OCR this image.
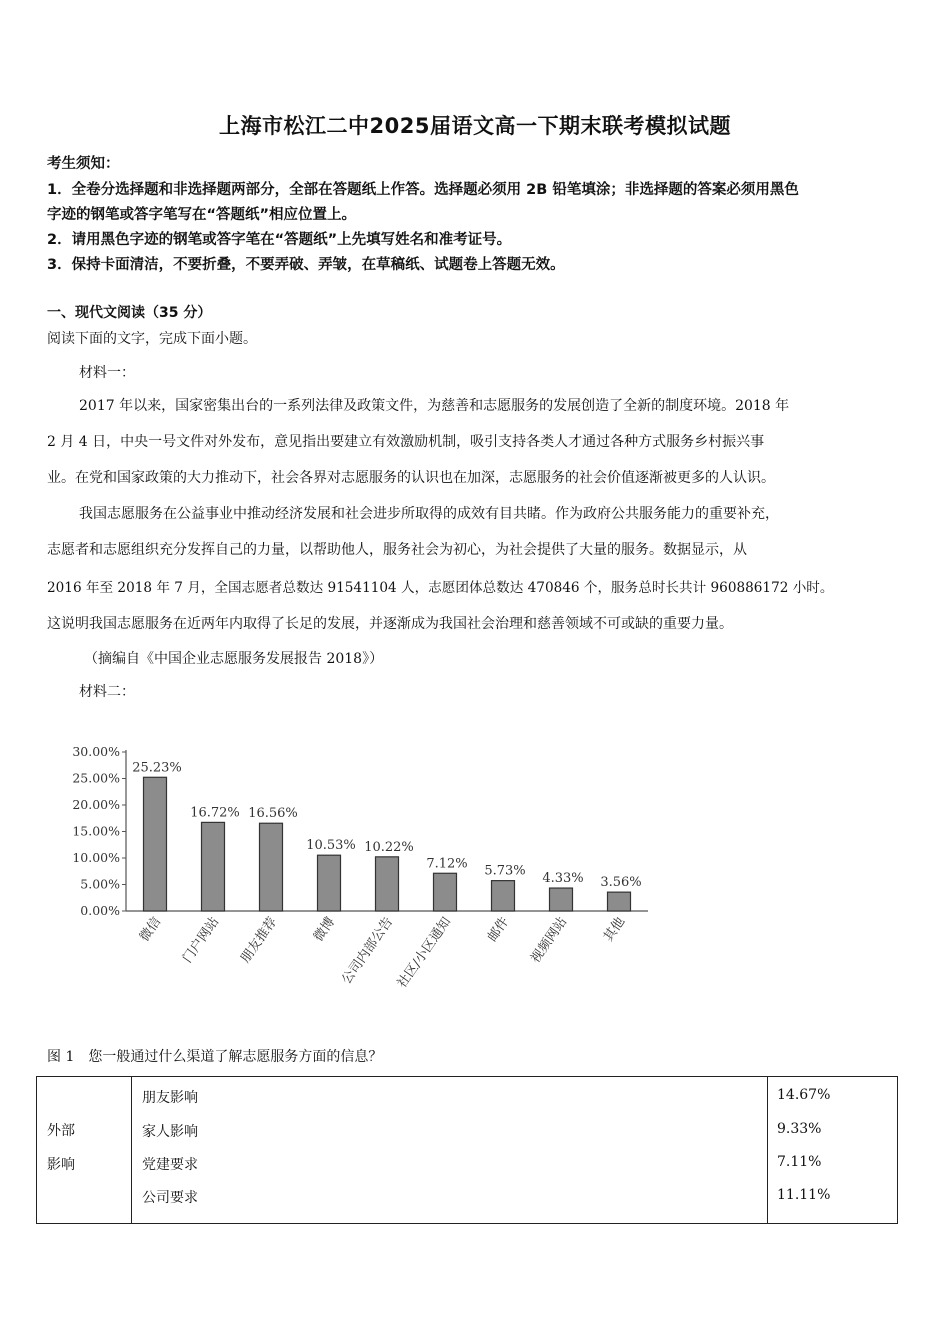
上海市松江二中2025届语文高一下期末联考模拟试题
考生须知：
1．全卷分选择题和非选择题两部分，全部在答题纸上作答。选择题必须用 2B 铅笔填涂；非选择题的答案必须用黑色
字迹的钢笔或答字笔写在“答题纸”相应位置上。
2．请用黑色字迹的钢笔或答字笔在“答题纸”上先填写姓名和准考证号。
3．保持卡面清洁，不要折叠，不要弄破、弄皱，在草稿纸、试题卷上答题无效。
一、现代文阅读（35 分）
阅读下面的文字，完成下面小题。
材料一：
2017 年以来，国家密集出台的一系列法律及政策文件，为慈善和志愿服务的发展创造了全新的制度环境。2018 年
2 月 4 日，中央一号文件对外发布，意见指出要建立有效激励机制，吸引支持各类人才通过各种方式服务乡村振兴事
业。在党和国家政策的大力推动下，社会各界对志愿服务的认识也在加深，志愿服务的社会价值逐渐被更多的人认识。
我国志愿服务在公益事业中推动经济发展和社会进步所取得的成效有目共睹。作为政府公共服务能力的重要补充，
志愿者和志愿组织充分发挥自己的力量，以帮助他人，服务社会为初心，为社会提供了大量的服务。数据显示，从
2016 年至 2018 年 7 月，全国志愿者总数达 91541104 人，志愿团体总数达 470846 个，服务总时长共计 960886172 小时。
这说明我国志愿服务在近两年内取得了长足的发展，并逐渐成为我国社会治理和慈善领域不可或缺的重要力量。
（摘编自《中国企业志愿服务发展报告 2018》）
材料二：
0.00%
5.00%
10.00%
15.00%
20.00%
25.00%
30.00%
25.23%
微信
16.72%
门户网站
16.56%
朋友推荐
10.53%
微博
10.22%
公司内部公告
7.12%
社区/小区通知
5.73%
邮件
4.33%
视频网站
3.56%
其他
图 1　您一般通过什么渠道了解志愿服务方面的信息？
外部
影响
朋友影响	14.67%
家人影响	9.33%
党建要求	7.11%
公司要求	11.11%
